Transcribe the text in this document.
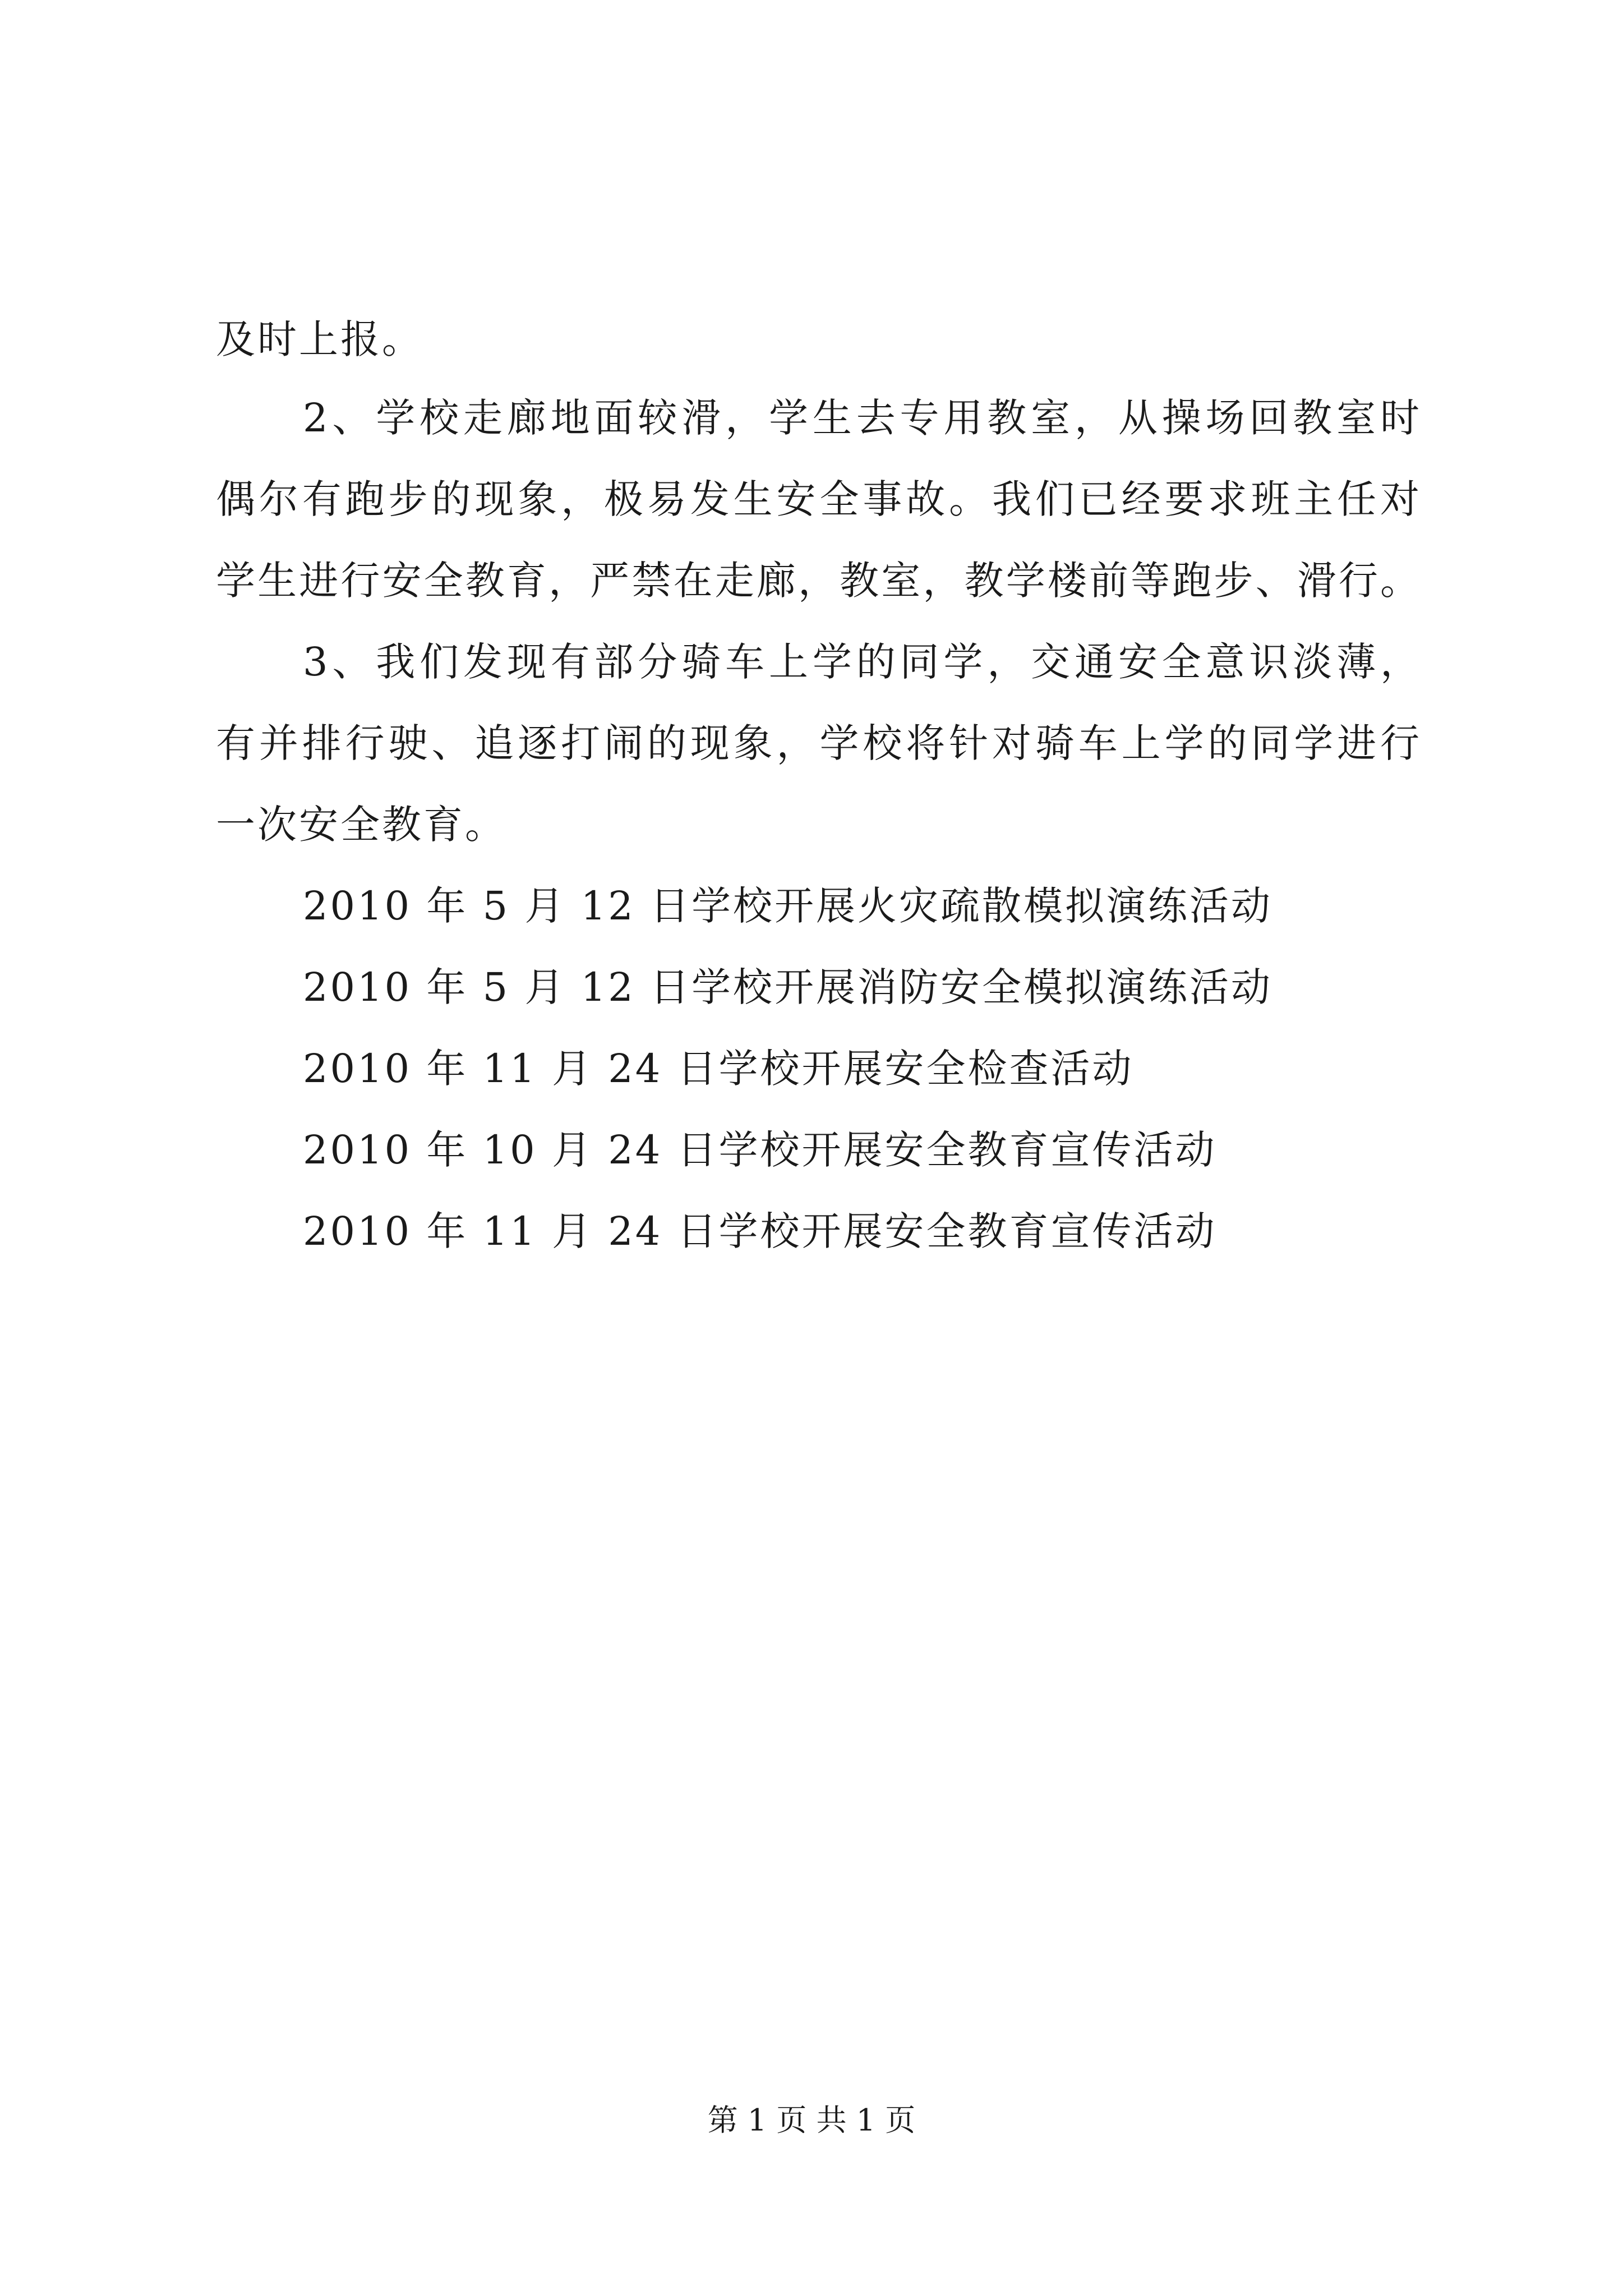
及时上报。
2、学校走廊地面较滑，学生去专用教室，从操场回教室时
偶尔有跑步的现象，极易发生安全事故。我们已经要求班主任对
学生进行安全教育，严禁在走廊，教室，教学楼前等跑步、滑行。
3、我们发现有部分骑车上学的同学，交通安全意识淡薄，
有并排行驶、追逐打闹的现象，学校将针对骑车上学的同学进行
一次安全教育。
2010 年 5 月 12 日学校开展火灾疏散模拟演练活动
2010 年 5 月 12 日学校开展消防安全模拟演练活动
2010 年 11 月 24 日学校开展安全检查活动
2010 年 10 月 24 日学校开展安全教育宣传活动
2010 年 11 月 24 日学校开展安全教育宣传活动
第 1 页 共 1 页
